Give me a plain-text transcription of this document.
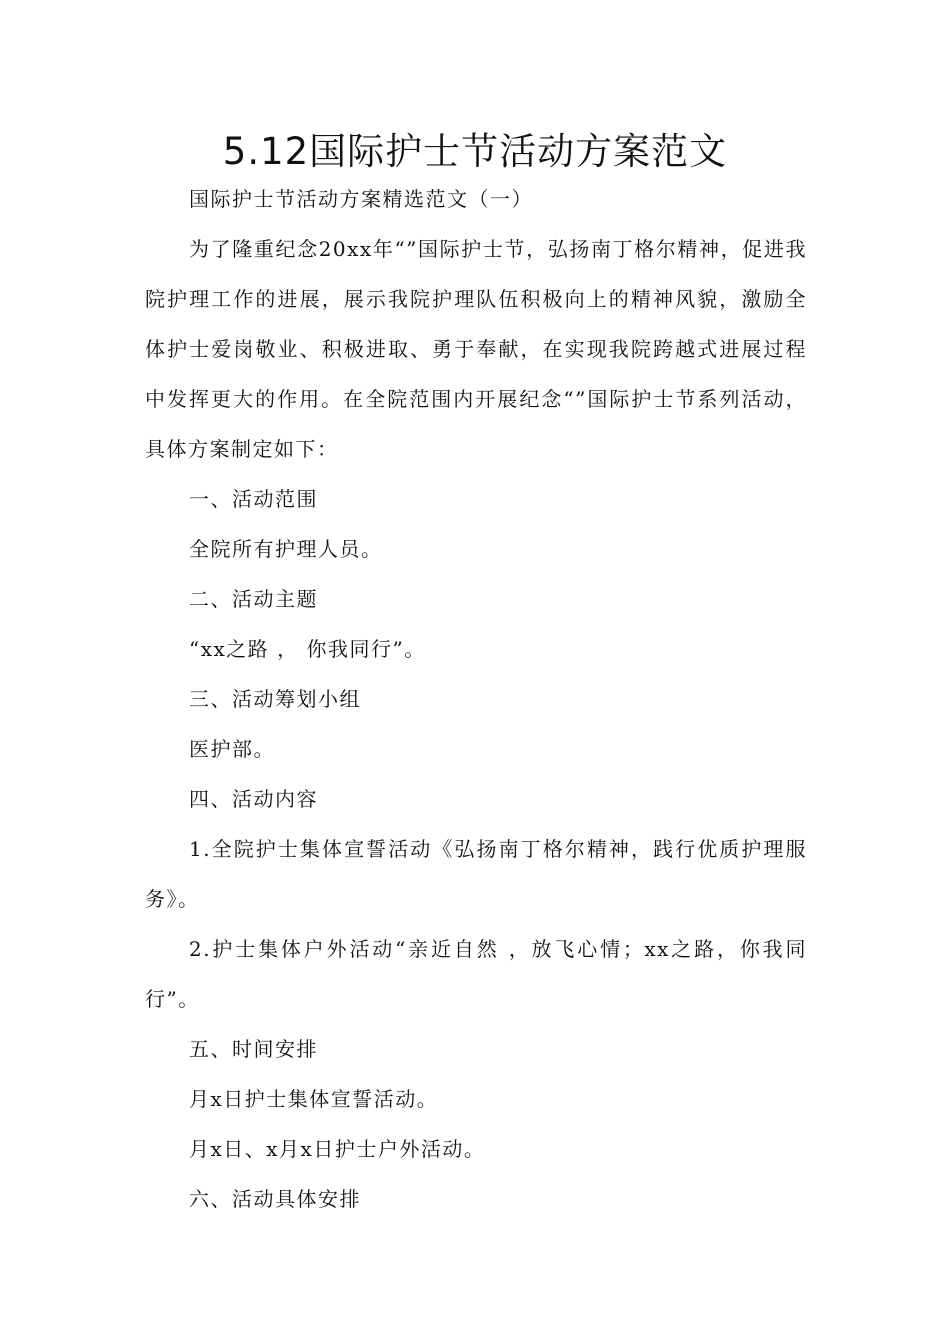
5.12国际护士节活动方案范文

国际护士节活动方案精选范文（一）

为了隆重纪念20xx年“”国际护士节，弘扬南丁格尔精神，促进我院护理工作的进展，展示我院护理队伍积极向上的精神风貌，激励全体护士爱岗敬业、积极进取、勇于奉献，在实现我院跨越式进展过程中发挥更大的作用。在全院范围内开展纪念“”国际护士节系列活动，具体方案制定如下：

一、活动范围

全院所有护理人员。

二、活动主题

“xx之路 ， 你我同行”。

三、活动筹划小组

医护部。

四、活动内容

1.全院护士集体宣誓活动《弘扬南丁格尔精神，践行优质护理服务》。

2.护士集体户外活动“亲近自然 ，放飞心情；xx之路，你我同行”。

五、时间安排

月x日护士集体宣誓活动。

月x日、x月x日护士户外活动。

六、活动具体安排
